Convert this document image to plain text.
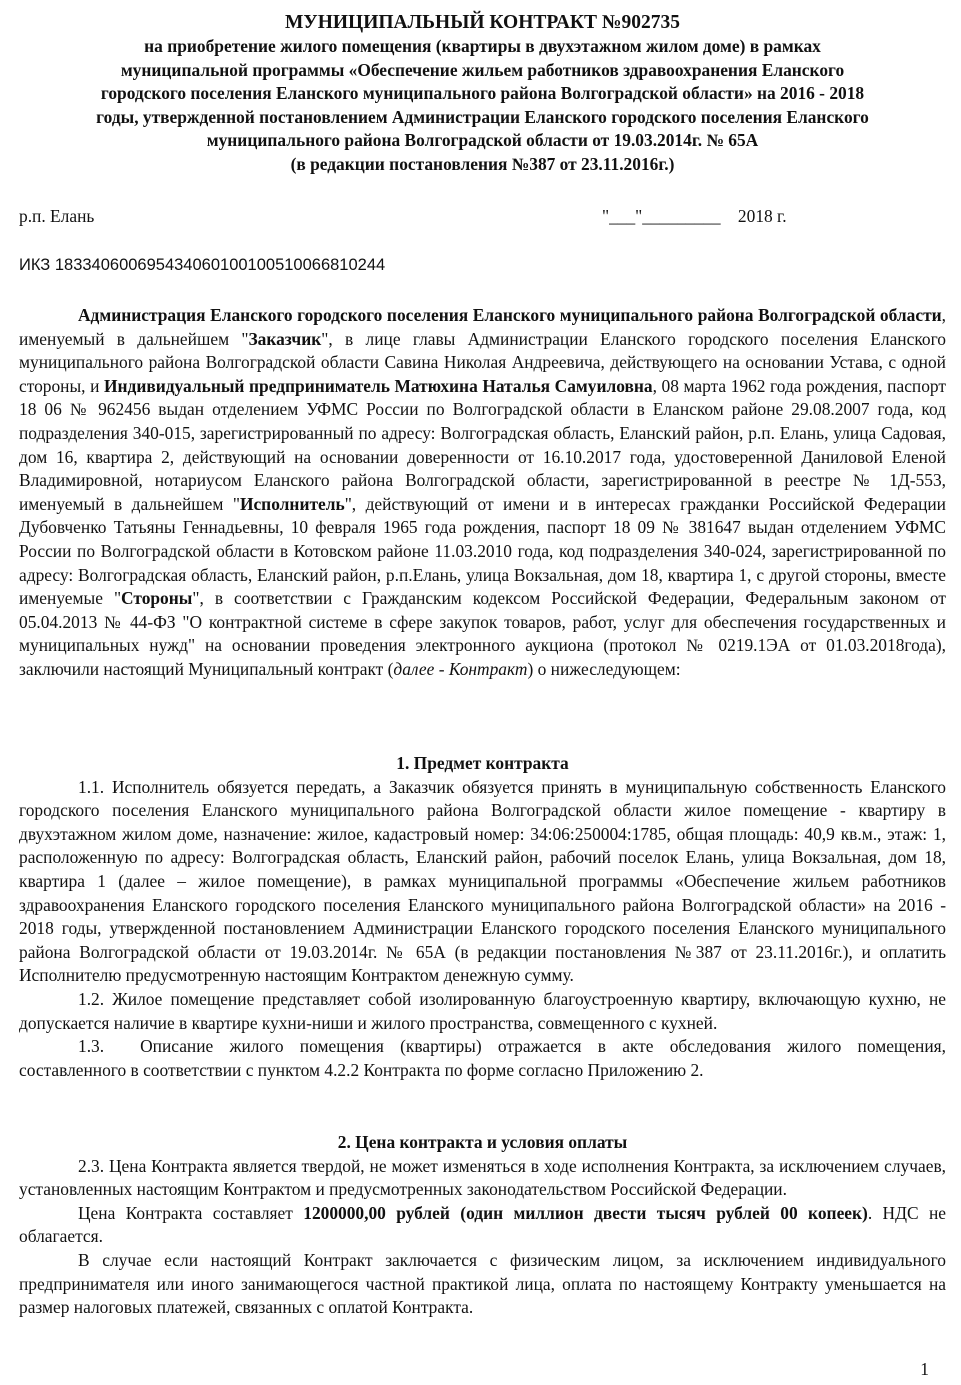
МУНИЦИПАЛЬНЫЙ КОНТРАКТ №902735

на приобретение жилого помещения (квартиры в двухэтажном жилом доме) в рамках

муниципальной программы «Обеспечение жильем работников здравоохранения Еланского

городского поселения Еланского муниципального района Волгоградской области» на 2016 - 2018

годы, утвержденной постановлением Администрации Еланского городского поселения Еланского

муниципального района Волгоградской области от 19.03.2014г. № 65А

(в редакции постановления №387 от 23.11.2016г.)

р.п. Елань	"___"_________    2018 г.
ИКЗ 183340600695434060100100510066810244

Администрация Еланского городского поселения Еланского муниципального района Волгоградской области, именуемый в дальнейшем "Заказчик", в лице главы Администрации Еланского городского поселения Еланского муниципального района Волгоградской области Савина Николая Андреевича, действующего на основании Устава, с одной стороны, и Индивидуальный предприниматель Матюхина Наталья Самуиловна, 08 марта 1962 года рождения, паспорт 18 06 № 962456 выдан отделением УФМС России по Волгоградской области в Еланском районе 29.08.2007 года, код подразделения 340-015, зарегистрированный по адресу: Волгоградская область, Еланский район, р.п. Елань, улица Садовая, дом 16, квартира 2, действующий на основании доверенности от 16.10.2017 года, удостоверенной Даниловой Еленой Владимировной, нотариусом Еланского района Волгоградской области, зарегистрированной в реестре № 1Д-553, именуемый в дальнейшем "Исполнитель", действующий от имени и в интересах гражданки Российской Федерации Дубовченко Татьяны Геннадьевны, 10 февраля 1965 года рождения, паспорт 18 09 № 381647 выдан отделением УФМС России по Волгоградской области в Котовском районе 11.03.2010 года, код подразделения 340-024, зарегистрированной по адресу: Волгоградская область, Еланский район, р.п.Елань, улица Вокзальная, дом 18, квартира 1, с другой стороны, вместе именуемые "Стороны", в соответствии с Гражданским кодексом Российской Федерации, Федеральным законом от 05.04.2013 № 44-ФЗ "О контрактной системе в сфере закупок товаров, работ, услуг для обеспечения государственных и муниципальных нужд" на основании проведения электронного аукциона (протокол № 0219.1ЭА от 01.03.2018года), заключили настоящий Муниципальный контракт (далее - Контракт) о нижеследующем:

1. Предмет контракта

1.1. Исполнитель обязуется передать, а Заказчик обязуется принять в муниципальную собственность Еланского городского поселения Еланского муниципального района Волгоградской области жилое помещение - квартиру в двухэтажном жилом доме, назначение: жилое, кадастровый номер: 34:06:250004:1785, общая площадь: 40,9 кв.м., этаж: 1, расположенную по адресу: Волгоградская область, Еланский район, рабочий поселок Елань, улица Вокзальная, дом 18, квартира 1 (далее – жилое помещение), в рамках муниципальной программы «Обеспечение жильем работников здравоохранения Еланского городского поселения Еланского муниципального района Волгоградской области» на 2016 - 2018 годы, утвержденной постановлением Администрации Еланского городского поселения Еланского муниципального района Волгоградской области от 19.03.2014г. № 65А (в редакции постановления №387 от 23.11.2016г.), и оплатить Исполнителю предусмотренную настоящим Контрактом денежную сумму.

1.2. Жилое помещение представляет собой изолированную благоустроенную квартиру, включающую кухню, не допускается наличие в квартире кухни-ниши и жилого пространства, совмещенного с кухней.

1.3. Описание жилого помещения (квартиры) отражается в акте обследования жилого помещения, составленного в соответствии с пунктом 4.2.2 Контракта по форме согласно Приложению 2.

2. Цена контракта и условия оплаты

2.3. Цена Контракта является твердой, не может изменяться в ходе исполнения Контракта, за исключением случаев, установленных настоящим Контрактом и предусмотренных законодательством Российской Федерации.

Цена Контракта составляет 1200000,00 рублей (один миллион двести тысяч рублей 00 копеек). НДС не облагается.

В случае если настоящий Контракт заключается с физическим лицом, за исключением индивидуального предпринимателя или иного занимающегося частной практикой лица, оплата по настоящему Контракту уменьшается на размер налоговых платежей, связанных с оплатой Контракта.

1
